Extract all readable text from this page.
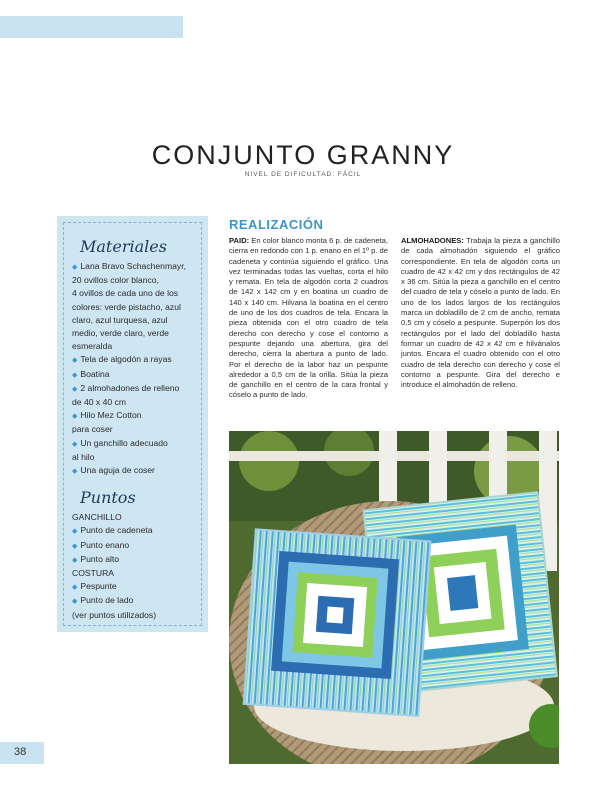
CONJUNTO GRANNY
NIVEL DE DIFICULTAD: FÁCIL
Materiales
◆ Lana Bravo Schachenmayr,
20 ovillos color blanco,
4 ovillos de cada uno de los
colores: verde pistacho, azul
claro, azul turquesa, azul
medio, verde claro, verde
esmeralda
◆ Tela de algodón a rayas
◆ Boatina
◆ 2 almohadones de relleno
de 40 x 40 cm
◆ Hilo Mez Cotton
para coser
◆ Un ganchillo adecuado
al hilo
◆ Una aguja de coser
Puntos
GANCHILLO
◆ Punto de cadeneta
◆ Punto enano
◆ Punto alto
COSTURA
◆ Pespunte
◆ Punto de lado
(ver puntos utilizados)
REALIZACIÓN
PAID: En color blanco monta 6 p. de cadeneta, cierra en redondo con 1 p. enano en el 1º p. de cadeneta y continúa siguiendo el gráfico. Una vez terminadas todas las vueltas, corta el hilo y remata. En tela de algodón corta 2 cuadros de 142 x 142 cm y en boatina un cuadro de 140 x 140 cm. Hilvana la boatina en el centro de uno de los dos cuadros de tela. Encara la pieza obtenida con el otro cuadro de tela derecho con derecho y cose el contorno a pespunte dejando una abertura, gira del derecho, cierra la abertura a punto de lado. Por el derecho de la labor haz un pespunte alrededor a 0,5 cm de la orilla. Sitúa la pieza de ganchillo en el centro de la cara frontal y cóselo a punto de lado.
ALMOHADONES: Trabaja la pieza a ganchillo de cada almohadón siguiendo el gráfico correspondiente. En tela de algodón corta un cuadro de 42 x 42 cm y dos rectángulos de 42 x 36 cm. Sitúa la pieza a ganchillo en el centro del cuadro de tela y cóselo a punto de lado. En uno de los lados largos de los rectángulos marca un dobladillo de 2 cm de ancho, remata 0,5 cm y cóselo a pespunte. Superpón los dos rectángulos por el lado del dobladillo hasta formar un cuadro de 42 x 42 cm e hilvánalos juntos. Encara el cuadro obtenido con el otro cuadro de tela derecho con derecho y cose el contorno a pespunte. Gira del derecho e introduce el almohadón de relleno.
38
